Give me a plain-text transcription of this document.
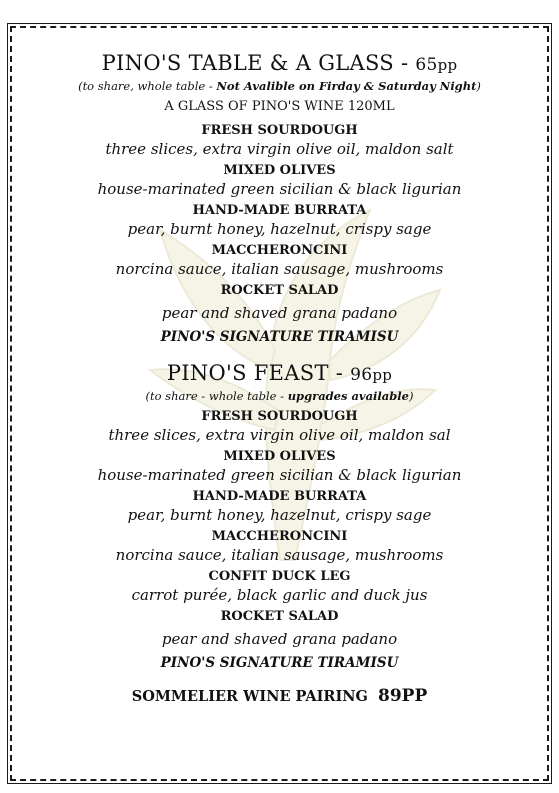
PINO'S TABLE & A GLASS - 65pp
(to share, whole table - Not Avalible on Firday & Saturday Night)
A GLASS OF PINO'S WINE 120ML
FRESH SOURDOUGH
three slices, extra virgin olive oil, maldon salt
MIXED OLIVES
house-marinated green sicilian & black ligurian
HAND-MADE BURRATA
pear, burnt honey, hazelnut, crispy sage
MACCHERONCINI
norcina sauce, italian sausage, mushrooms
ROCKET SALAD
pear and shaved grana padano
PINO'S SIGNATURE TIRAMISU
PINO'S FEAST - 96pp
(to share - whole table - upgrades available)
FRESH SOURDOUGH
three slices, extra virgin olive oil, maldon sal
MIXED OLIVES
house-marinated green sicilian & black ligurian
HAND-MADE BURRATA
pear, burnt honey, hazelnut, crispy sage
MACCHERONCINI
norcina sauce, italian sausage, mushrooms
CONFIT DUCK LEG
carrot purée, black garlic and duck jus
ROCKET SALAD
pear and shaved grana padano
PINO'S SIGNATURE TIRAMISU
SOMMELIER WINE PAIRING 89PP
